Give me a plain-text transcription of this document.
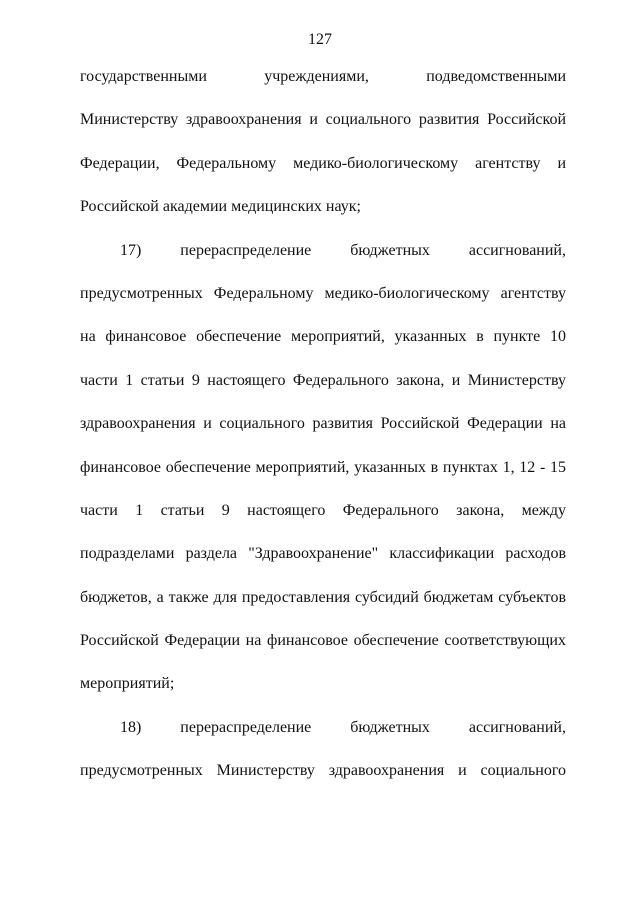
127
государственными учреждениями, подведомственными
Министерству здравоохранения и социального развития Российской
Федерации, Федеральному медико-биологическому агентству и
Российской академии медицинских наук;
17) перераспределение бюджетных ассигнований,
предусмотренных Федеральному медико-биологическому агентству
на финансовое обеспечение мероприятий, указанных в пункте 10
части 1 статьи 9 настоящего Федерального закона, и Министерству
здравоохранения и социального развития Российской Федерации на
финансовое обеспечение мероприятий, указанных в пунктах 1, 12 - 15
части 1 статьи 9 настоящего Федерального закона, между
подразделами раздела "Здравоохранение" классификации расходов
бюджетов, а также для предоставления субсидий бюджетам субъектов
Российской Федерации на финансовое обеспечение соответствующих
мероприятий;
18) перераспределение бюджетных ассигнований,
предусмотренных Министерству здравоохранения и социального
